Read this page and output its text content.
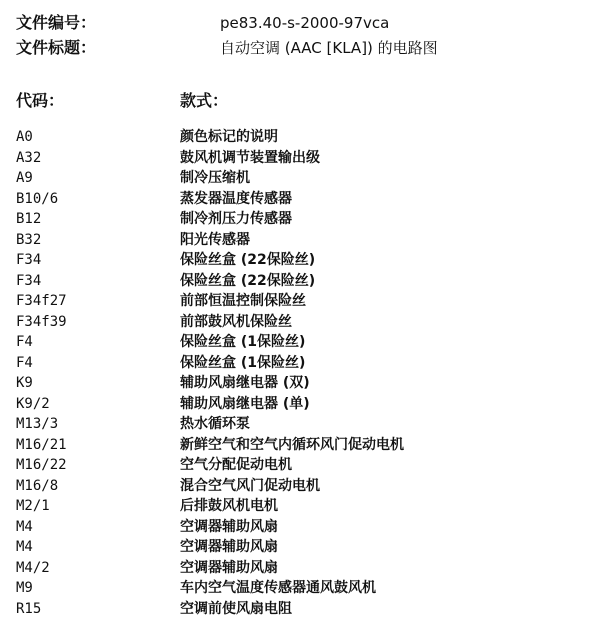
文件编号：	pe83.40-s-2000-97vca
文件标题：	自动空调 (AAC [KLA]) 的电路图
代码：	款式：
A0	颜色标记的说明
A32	鼓风机调节装置输出级
A9	制冷压缩机
B10/6	蒸发器温度传感器
B12	制冷剂压力传感器
B32	阳光传感器
F34	保险丝盒 (22保险丝)
F34	保险丝盒 (22保险丝)
F34f27	前部恒温控制保险丝
F34f39	前部鼓风机保险丝
F4	保险丝盒 (1保险丝)
F4	保险丝盒 (1保险丝)
K9	辅助风扇继电器 (双)
K9/2	辅助风扇继电器 (单)
M13/3	热水循环泵
M16/21	新鲜空气和空气内循环风门促动电机
M16/22	空气分配促动电机
M16/8	混合空气风门促动电机
M2/1	后排鼓风机电机
M4	空调器辅助风扇
M4	空调器辅助风扇
M4/2	空调器辅助风扇
M9	车内空气温度传感器通风鼓风机
R15	空调前使风扇电阻
